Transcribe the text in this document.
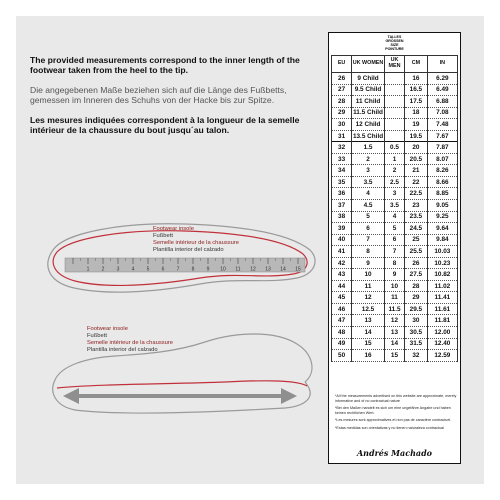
The provided measurements correspond to the inner length of the footwear taken from the heel to the tip.

Die angegebenen Maße beziehen sich auf die Länge des Fußbetts, gemessen im Inneren des Schuhs von der Hacke bis zur Spitze.

Les mesures indiquées correspondent à la longueur de la semelle intérieur de la chaussure du bout jusqu´au talon.

1 2 3 4 5 6 7 8 9 10 11 12 13 14 15
Footwear insole
Fußbett
Semelle intérieur de la chaussure
Plantilla interior del calzado
Footwear insole
Fußbett
Semelle intérieur de la chaussure
Plantilla interior del calzado
TALLES
GRÖSSEN
SIZE
POINTURE
EU	UK WOMEN	UK MEN	CM	IN
26	9 Child		16	6.29
27	9.5 Child		16.5	6.49
28	11 Child		17.5	6.88
29	11.5 Child		18	7.08
30	12 Child		19	7.48
31	13.5 Child		19.5	7.67
32	1.5	0.5	20	7.87
33	2	1	20.5	8.07
34	3	2	21	8.26
35	3.5	2.5	22	8.66
36	4	3	22.5	8.85
37	4.5	3.5	23	9.05
38	5	4	23.5	9.25
39	6	5	24.5	9.64
40	7	6	25	9.84
41	8	7	25.5	10.03
42	9	8	26	10.23
43	10	9	27.5	10.82
44	11	10	28	11.02
45	12	11	29	11.41
46	12.5	11.5	29.5	11.61
47	13	12	30	11.81
48	14	13	30.5	12.00
49	15	14	31.5	12.40
50	16	15	32	12.59

*All the measurements advertised on this website are approximate, merely informative and of no contractual nature

*Bei den Maßen handelt es sich um eine ungefähre Angabe und haben keinen rechtlichen Wert.

*Les mesures sont approximatives et non pas de caractère contractuel.

*Estas medidas son orientativas y no tienen naturaleza contractual

Andrés Machado
